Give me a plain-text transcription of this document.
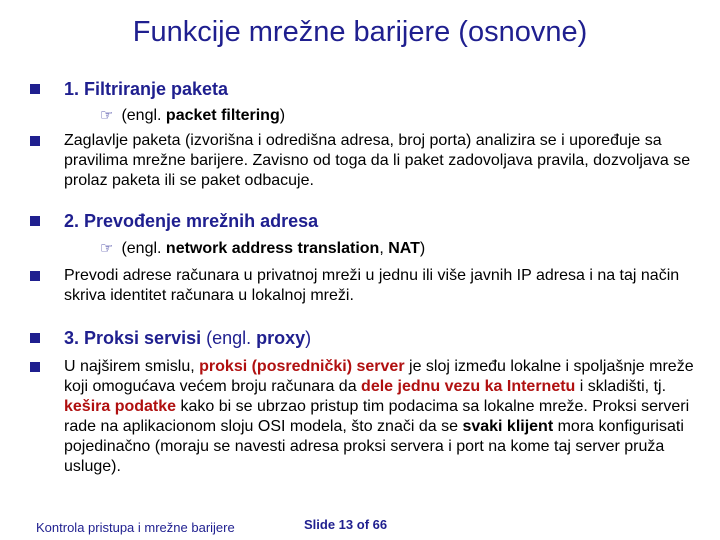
Funkcije mrežne barijere (osnovne)
1. Filtriranje paketa
☞ (engl. packet filtering)
Zaglavlje paketa (izvorišna i odredišna adresa, broj porta) analizira se i upoređuje sa pravilima mrežne barijere. Zavisno od toga da li paket zadovoljava pravila, dozvoljava se prolaz paketa ili se paket odbacuje.
2. Prevođenje mrežnih adresa
☞ (engl. network address translation, NAT)
Prevodi adrese računara u privatnoj mreži u jednu ili više javnih IP adresa i na taj način skriva identitet računara u lokalnoj mreži.
3. Proksi servisi (engl. proxy)
U najširem smislu, proksi (posrednički) server je sloj između lokalne i spoljašnje mreže koji omogućava većem broju računara da dele jednu vezu ka Internetu i skladišti, tj. kešira podatke kako bi se ubrzao pristup tim podacima sa lokalne mreže. Proksi serveri rade na aplikacionom sloju OSI modela, što znači da se svaki klijent mora konfigurisati pojedinačno (moraju se navesti adresa proksi servera i port na kome taj server pruža usluge).
Kontrola pristupa i mrežne barijere	Slide 13 of 66
